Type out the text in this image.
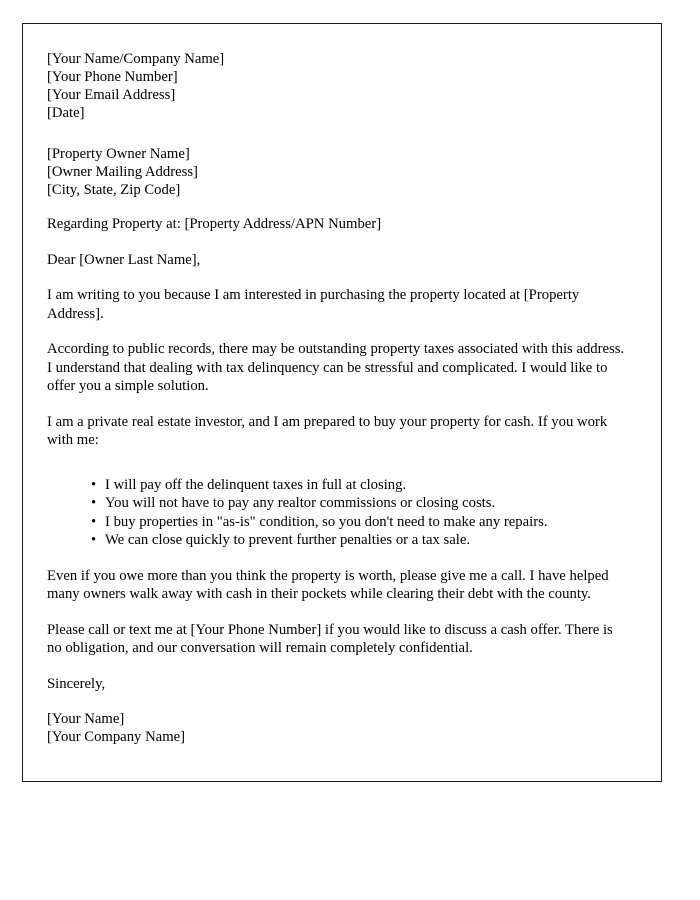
[Your Name/Company Name]
[Your Phone Number]
[Your Email Address]
[Date]
[Property Owner Name]
[Owner Mailing Address]
[City, State, Zip Code]

Regarding Property at: [Property Address/APN Number]

Dear [Owner Last Name],

I am writing to you because I am interested in purchasing the property located at [Property Address].

According to public records, there may be outstanding property taxes associated with this address. I understand that dealing with tax delinquency can be stressful and complicated. I would like to offer you a simple solution.

I am a private real estate investor, and I am prepared to buy your property for cash. If you work with me:

• I will pay off the delinquent taxes in full at closing.
• You will not have to pay any realtor commissions or closing costs.
• I buy properties in "as-is" condition, so you don't need to make any repairs.
• We can close quickly to prevent further penalties or a tax sale.

Even if you owe more than you think the property is worth, please give me a call. I have helped many owners walk away with cash in their pockets while clearing their debt with the county.

Please call or text me at [Your Phone Number] if you would like to discuss a cash offer. There is no obligation, and our conversation will remain completely confidential.

Sincerely,

[Your Name]
[Your Company Name]
